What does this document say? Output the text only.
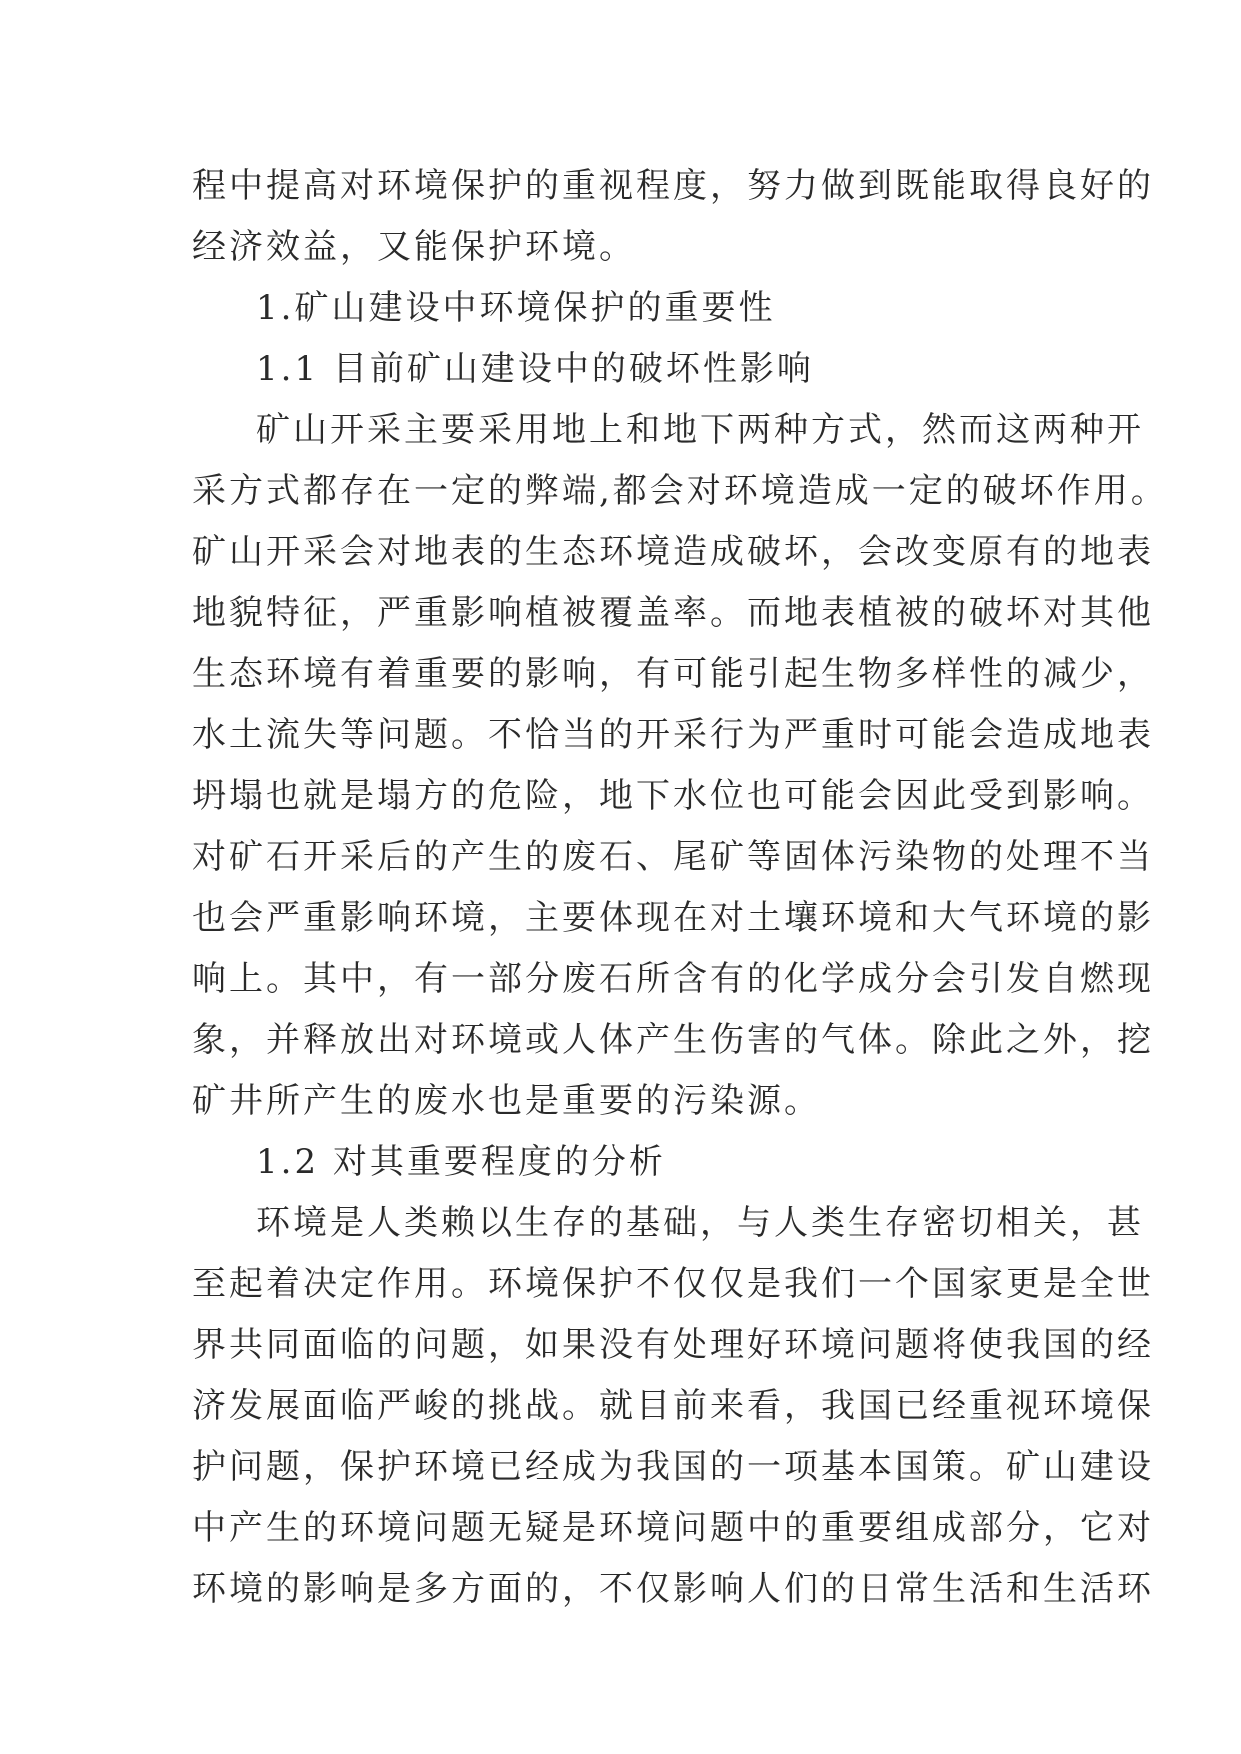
程中提高对环境保护的重视程度，努力做到既能取得良好的
经济效益，又能保护环境。
1.矿山建设中环境保护的重要性
1.1 目前矿山建设中的破坏性影响
矿山开采主要采用地上和地下两种方式，然而这两种开
采方式都存在一定的弊端,都会对环境造成一定的破坏作用。
矿山开采会对地表的生态环境造成破坏，会改变原有的地表
地貌特征，严重影响植被覆盖率。而地表植被的破坏对其他
生态环境有着重要的影响，有可能引起生物多样性的减少，
水土流失等问题。不恰当的开采行为严重时可能会造成地表
坍塌也就是塌方的危险，地下水位也可能会因此受到影响。
对矿石开采后的产生的废石、尾矿等固体污染物的处理不当
也会严重影响环境，主要体现在对土壤环境和大气环境的影
响上。其中，有一部分废石所含有的化学成分会引发自燃现
象，并释放出对环境或人体产生伤害的气体。除此之外，挖
矿井所产生的废水也是重要的污染源。
1.2 对其重要程度的分析
环境是人类赖以生存的基础，与人类生存密切相关，甚
至起着决定作用。环境保护不仅仅是我们一个国家更是全世
界共同面临的问题，如果没有处理好环境问题将使我国的经
济发展面临严峻的挑战。就目前来看，我国已经重视环境保
护问题，保护环境已经成为我国的一项基本国策。矿山建设
中产生的环境问题无疑是环境问题中的重要组成部分，它对
环境的影响是多方面的，不仅影响人们的日常生活和生活环
